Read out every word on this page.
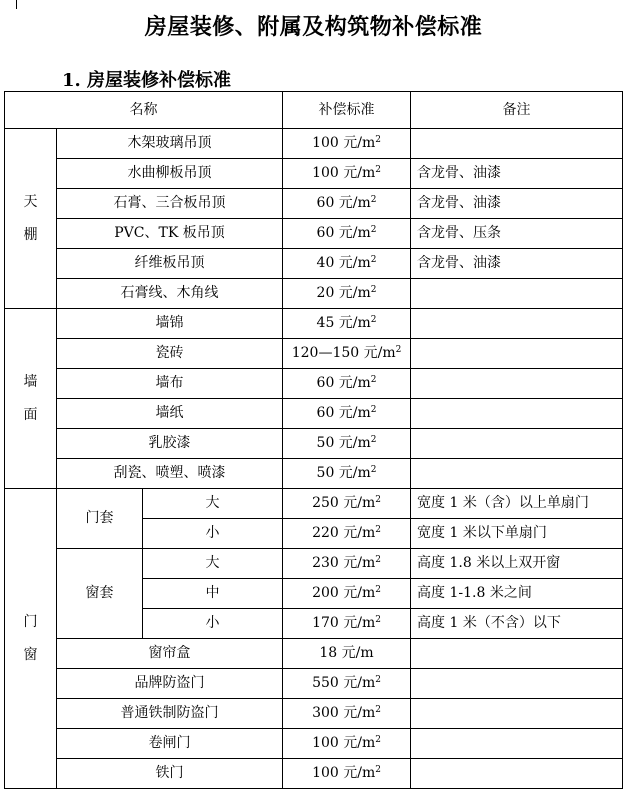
房屋装修、附属及构筑物补偿标准
1. 房屋装修补偿标准
名称			补偿标准	备注
天棚	木架玻璃吊顶		100 元$/m^2$	
	水曲柳板吊顶		100 元$/m^2$	含龙骨、油漆
	石膏、三合板吊顶		60 元$/m^2$	含龙骨、油漆
	PVC、TK 板吊顶		60 元$/m^2$	含龙骨、压条
	纤维板吊顶		40 元$/m^2$	含龙骨、油漆
	石膏线、木角线		20 元$/m^2$	
墙面	墙锦		45 元$/m^2$	
	瓷砖		120—150 元$/m^2$	
	墙布		60 元$/m^2$	
	墙纸		60 元$/m^2$	
	乳胶漆		50 元$/m^2$	
	刮瓷、喷塑、喷漆		50 元$/m^2$	
门窗	门套	大	250 元$/m^2$	宽度 1 米（含）以上单扇门
		小	220 元$/m^2$	宽度 1 米以下单扇门
	窗套	大	230 元$/m^2$	高度 1.8 米以上双开窗
		中	200 元$/m^2$	高度 1-1.8 米之间
		小	170 元$/m^2$	高度 1 米（不含）以下
	窗帘盒		18 元/m	
	品牌防盗门		550 元$/m^2$	
	普通铁制防盗门		300 元$/m^2$	
	卷闸门		100 元$/m^2$	
	铁门		100 元$/m^2$	
